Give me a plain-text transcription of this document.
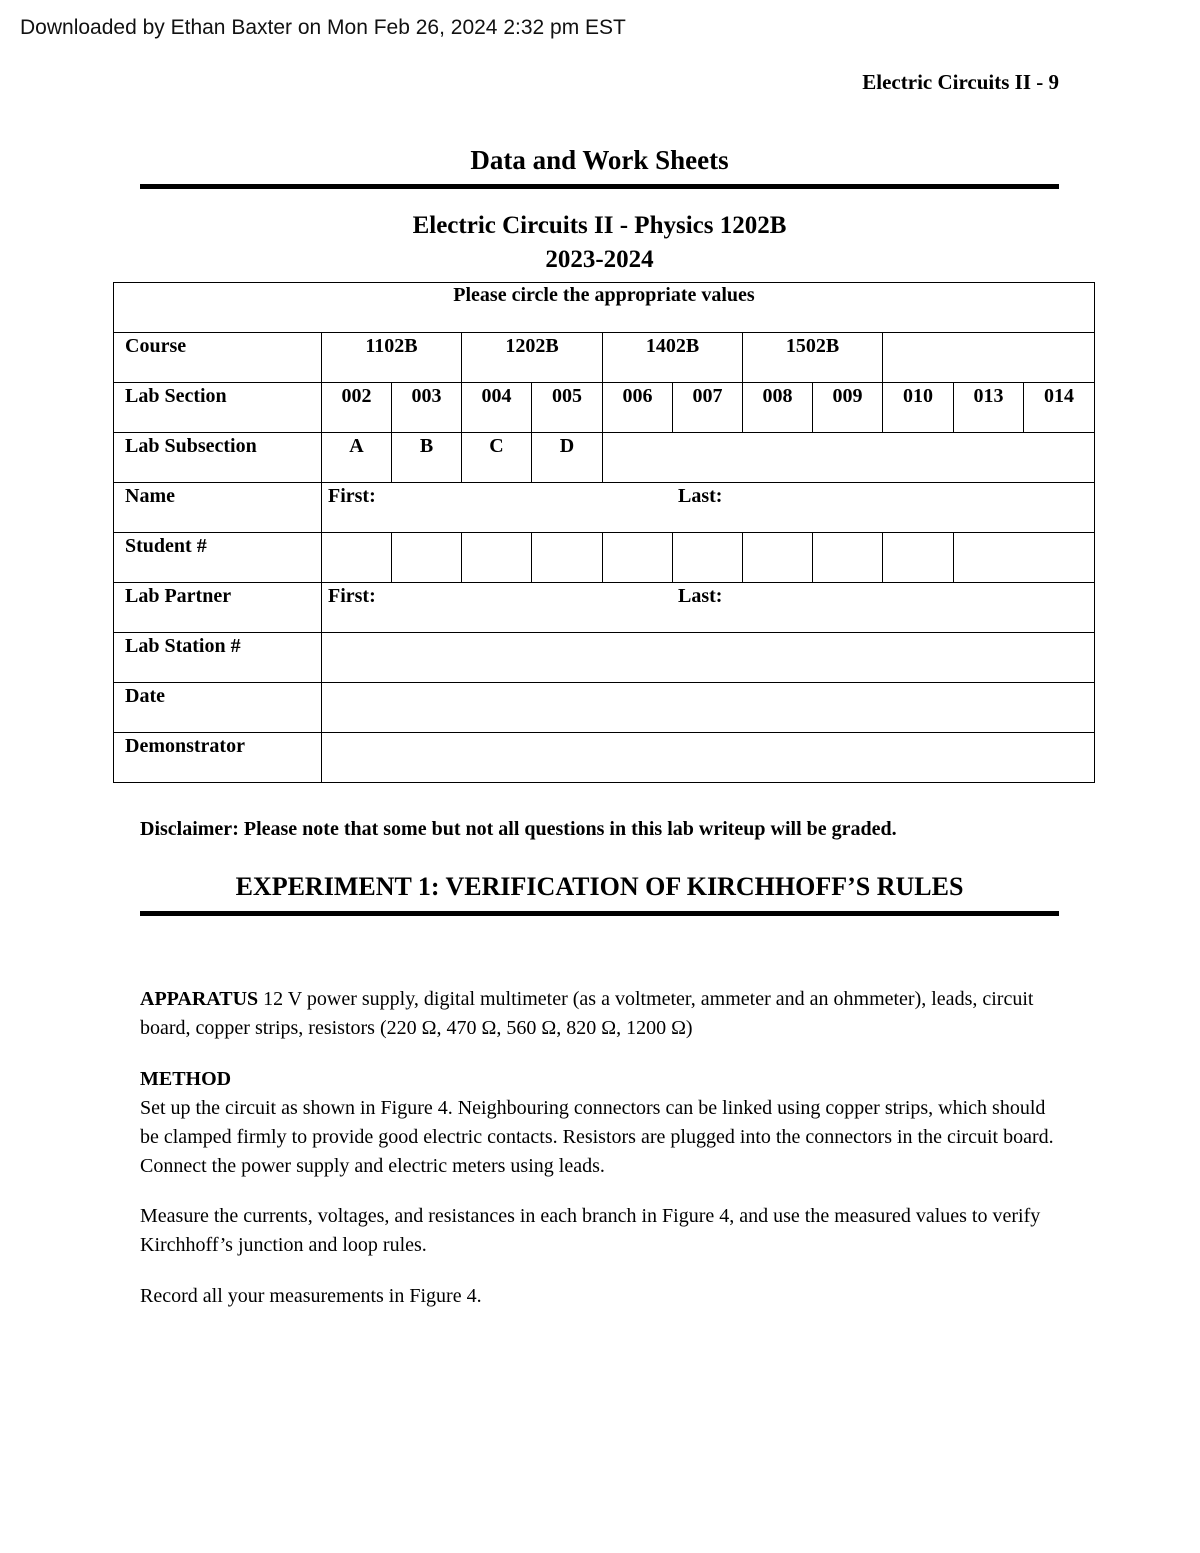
Downloaded by Ethan Baxter on Mon Feb 26, 2024 2:32 pm EST
Electric Circuits II - 9
Data and Work Sheets
Electric Circuits II - Physics 1202B
2023-2024
Please circle the appropriate values											
Course	1102B		1202B		1402B		1502B				
Lab Section	002	003	004	005	006	007	008	009	010	013	014
Lab Subsection	A	B	C	D							
Name	First: Last:										

Student #											
Lab Partner	First: Last:										

Lab Station #											
Date											
Demonstrator											
Disclaimer: Please note that some but not all questions in this lab writeup will be graded.
EXPERIMENT 1: VERIFICATION OF KIRCHHOFF’S RULES
APPARATUS 12 V power supply, digital multimeter (as a voltmeter, ammeter and an ohmmeter), leads, circuit board, copper strips, resistors (220 Ω, 470 Ω, 560 Ω, 820 Ω, 1200 Ω)
METHOD
Set up the circuit as shown in Figure 4. Neighbouring connectors can be linked using copper strips, which should be clamped firmly to provide good electric contacts. Resistors are plugged into the connectors in the circuit board. Connect the power supply and electric meters using leads.
Measure the currents, voltages, and resistances in each branch in Figure 4, and use the measured values to verify Kirchhoff’s junction and loop rules.
Record all your measurements in Figure 4.
